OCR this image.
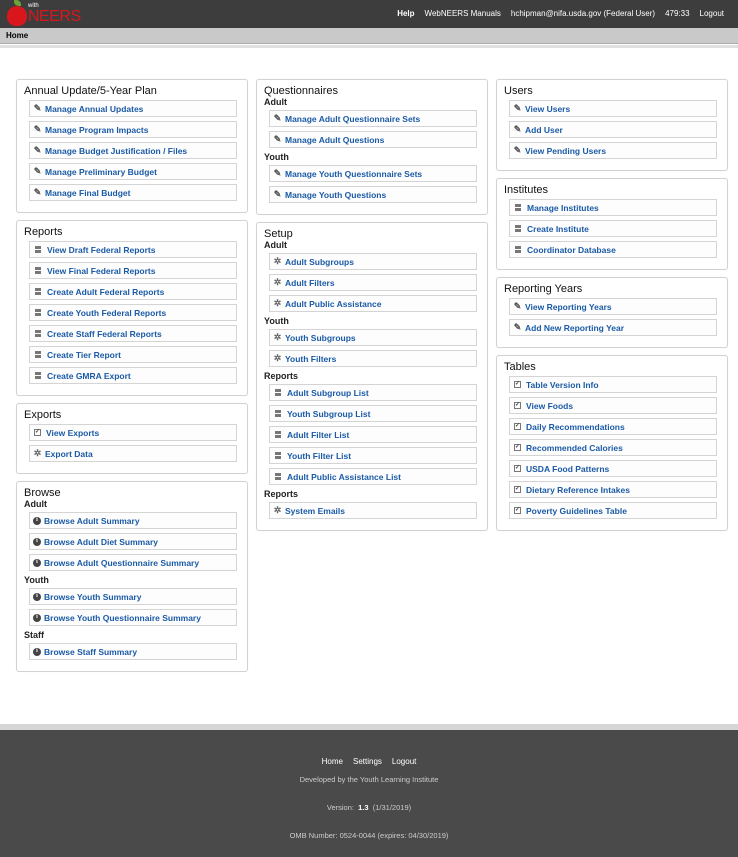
with
NEERS	Help WebNEERS Manuals hchipman@nifa.usda.gov (Federal User) 479:33 Logout
Home
Annual Update/5-Year Plan
✎ Manage Annual Updates
✎ Manage Program Impacts
✎ Manage Budget Justification / Files
✎ Manage Preliminary Budget
✎ Manage Final Budget
Reports
View Draft Federal Reports
View Final Federal Reports
Create Adult Federal Reports
Create Youth Federal Reports
Create Staff Federal Reports
Create Tier Report
Create GMRA Export
Exports
✓ View Exports
✲ Export Data
Browse
Adult
i Browse Adult Summary
i Browse Adult Diet Summary
i Browse Adult Questionnaire Summary
Youth
i Browse Youth Summary
i Browse Youth Questionnaire Summary
Staff
i Browse Staff Summary
Questionnaires
Adult
✎ Manage Adult Questionnaire Sets
✎ Manage Adult Questions
Youth
✎ Manage Youth Questionnaire Sets
✎ Manage Youth Questions
Setup
Adult
✲ Adult Subgroups
✲ Adult Filters
✲ Adult Public Assistance
Youth
✲ Youth Subgroups
✲ Youth Filters
Reports
Adult Subgroup List
Youth Subgroup List
Adult Filter List
Youth Filter List
Adult Public Assistance List
Reports
✲ System Emails
Users
✎ View Users
✎ Add User
✎ View Pending Users
Institutes
Manage Institutes
Create Institute
Coordinator Database
Reporting Years
✎ View Reporting Years
✎ Add New Reporting Year
Tables
✓ Table Version Info
✓ View Foods
✓ Daily Recommendations
✓ Recommended Calories
✓ USDA Food Patterns
✓ Dietary Reference Intakes
✓ Poverty Guidelines Table
Home Settings Logout
Developed by the Youth Learning Institute
Version: 1.3 (1/31/2019)
OMB Number: 0524-0044 (expires: 04/30/2019)
